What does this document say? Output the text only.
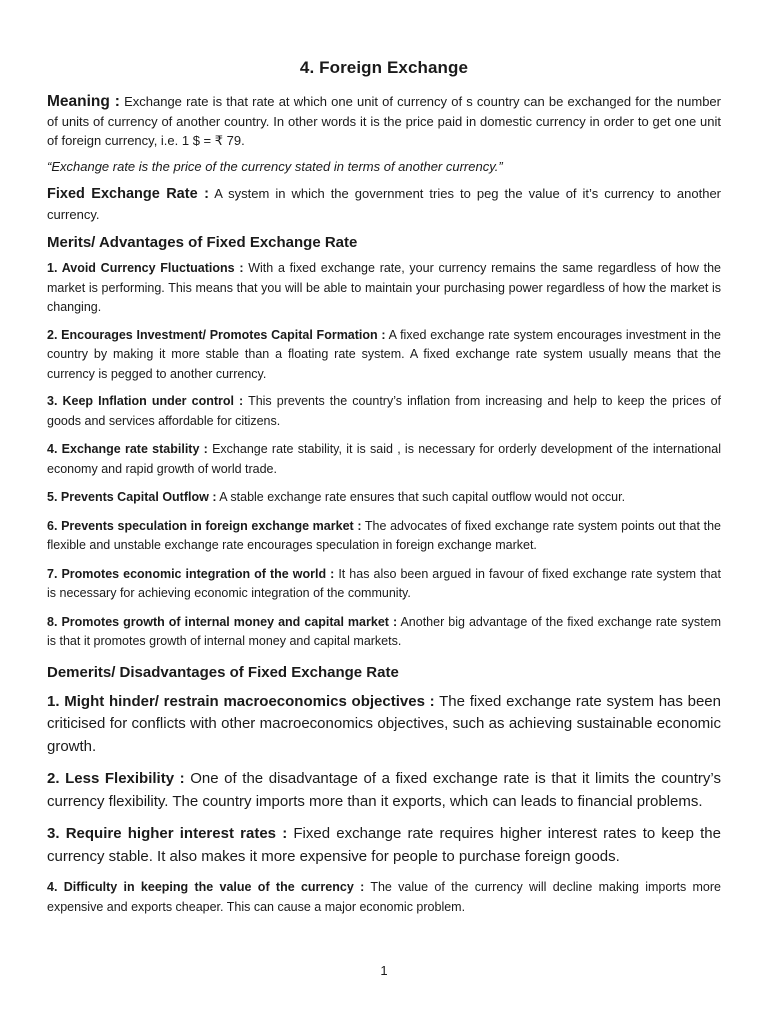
4. Foreign Exchange

Meaning : Exchange rate is that rate at which one unit of currency of s country can be exchanged for the number of units of currency of another country. In other words it is the price paid in domestic currency in order to get one unit of foreign currency, i.e. 1 $ = ₹ 79.

“Exchange rate is the price of the currency stated in terms of another currency.”

Fixed Exchange Rate : A system in which the government tries to peg the value of it’s currency to another currency.

Merits/ Advantages of Fixed Exchange Rate

1. Avoid Currency Fluctuations : With a fixed exchange rate, your currency remains the same regardless of how the market is performing. This means that you will be able to maintain your purchasing power regardless of how the market is changing.

2. Encourages Investment/ Promotes Capital Formation : A fixed exchange rate system encourages investment in the country by making it more stable than a floating rate system. A fixed exchange rate system usually means that the currency is pegged to another currency.

3. Keep Inflation under control : This prevents the country’s inflation from increasing and help to keep the prices of goods and services affordable for citizens.

4. Exchange rate stability : Exchange rate stability, it is said , is necessary for orderly development of the international economy and rapid growth of world trade.

5. Prevents Capital Outflow : A stable exchange rate ensures that such capital outflow would not occur.

6. Prevents speculation in foreign exchange market : The advocates of fixed exchange rate system points out that the flexible and unstable exchange rate encourages speculation in foreign exchange market.

7. Promotes economic integration of the world : It has also been argued in favour of fixed exchange rate system that is necessary for achieving economic integration of the community.

8. Promotes growth of internal money and capital market : Another big advantage of the fixed exchange rate system is that it promotes growth of internal money and capital markets.

Demerits/ Disadvantages of Fixed Exchange Rate

1. Might hinder/ restrain macroeconomics objectives : The fixed exchange rate system has been criticised for conflicts with other macroeconomics objectives, such as achieving sustainable economic growth.

2. Less Flexibility : One of the disadvantage of a fixed exchange rate is that it limits the country’s currency flexibility. The country imports more than it exports, which can leads to financial problems.

3. Require higher interest rates : Fixed exchange rate requires higher interest rates to keep the currency stable. It also makes it more expensive for people to purchase foreign goods.

4. Difficulty in keeping the value of the currency : The value of the currency will decline making imports more expensive and exports cheaper. This can cause a major economic problem.

1
